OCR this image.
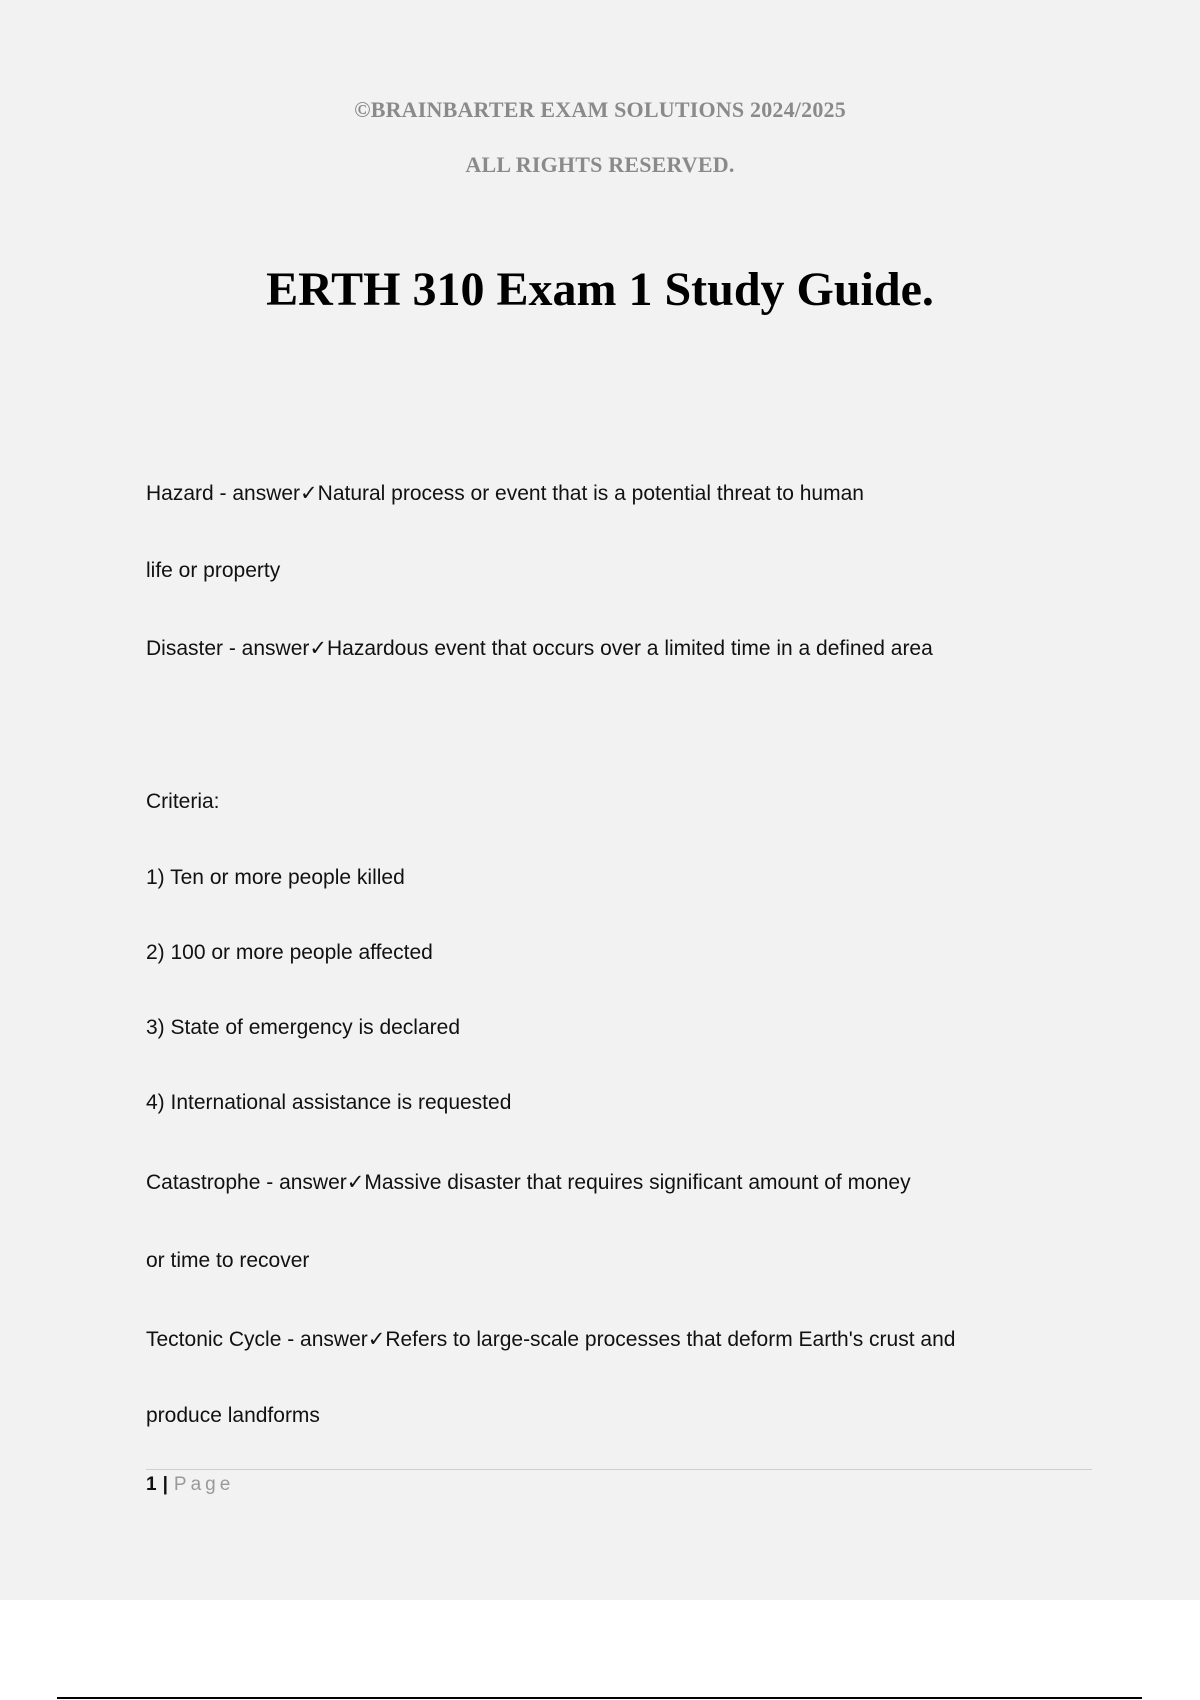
©BRAINBARTER EXAM SOLUTIONS 2024/2025
ALL RIGHTS RESERVED.
ERTH 310 Exam 1 Study Guide.
Hazard - answer✓Natural process or event that is a potential threat to human
life or property
Disaster - answer✓Hazardous event that occurs over a limited time in a defined area
Criteria:
1) Ten or more people killed
2) 100 or more people affected
3) State of emergency is declared
4) International assistance is requested
Catastrophe - answer✓Massive disaster that requires significant amount of money
or time to recover
Tectonic Cycle - answer✓Refers to large-scale processes that deform Earth's crust and
produce landforms
1 | Page
